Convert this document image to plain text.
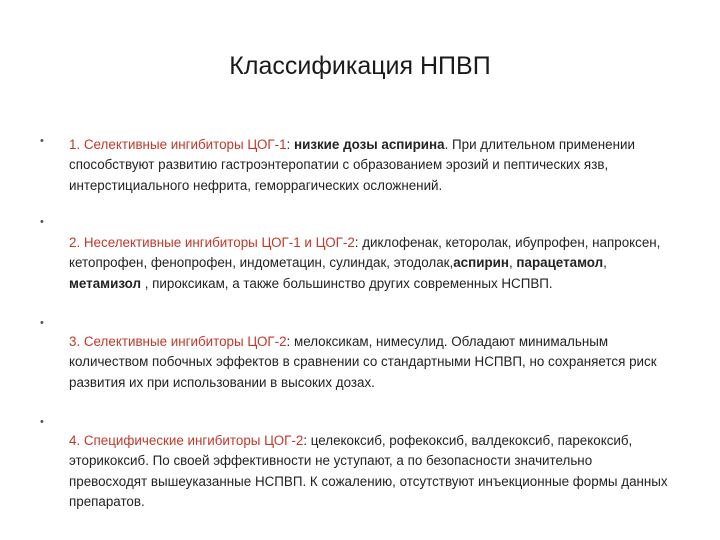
Классификация НПВП
•
•
•
•
1. Селективные ингибиторы ЦОГ-1: низкие дозы аспирина. При длительном применении способствуют развитию гастроэнтеропатии с образованием эрозий и пептических язв, интерстициального нефрита, геморрагических осложнений.
2. Неселективные ингибиторы ЦОГ-1 и ЦОГ-2: диклофенак, кеторолак, ибупрофен, напроксен, кетопрофен, фенопрофен, индометацин, сулиндак, этодолак,аспирин, парацетамол, метамизол , пироксикам, а также большинство других современных НСПВП.
3. Селективные ингибиторы ЦОГ-2: мелоксикам, нимесулид. Обладают минимальным количеством побочных эффектов в сравнении со стандартными НСПВП, но сохраняется риск развития их при использовании в высоких дозах.
4. Специфические ингибиторы ЦОГ-2: целекоксиб, рофекоксиб, валдекоксиб, парекоксиб, эторикоксиб. По своей эффективности не уступают, а по безопасности значительно превосходят вышеуказанные НСПВП. К сожалению, отсутствуют инъекционные формы данных препаратов.
